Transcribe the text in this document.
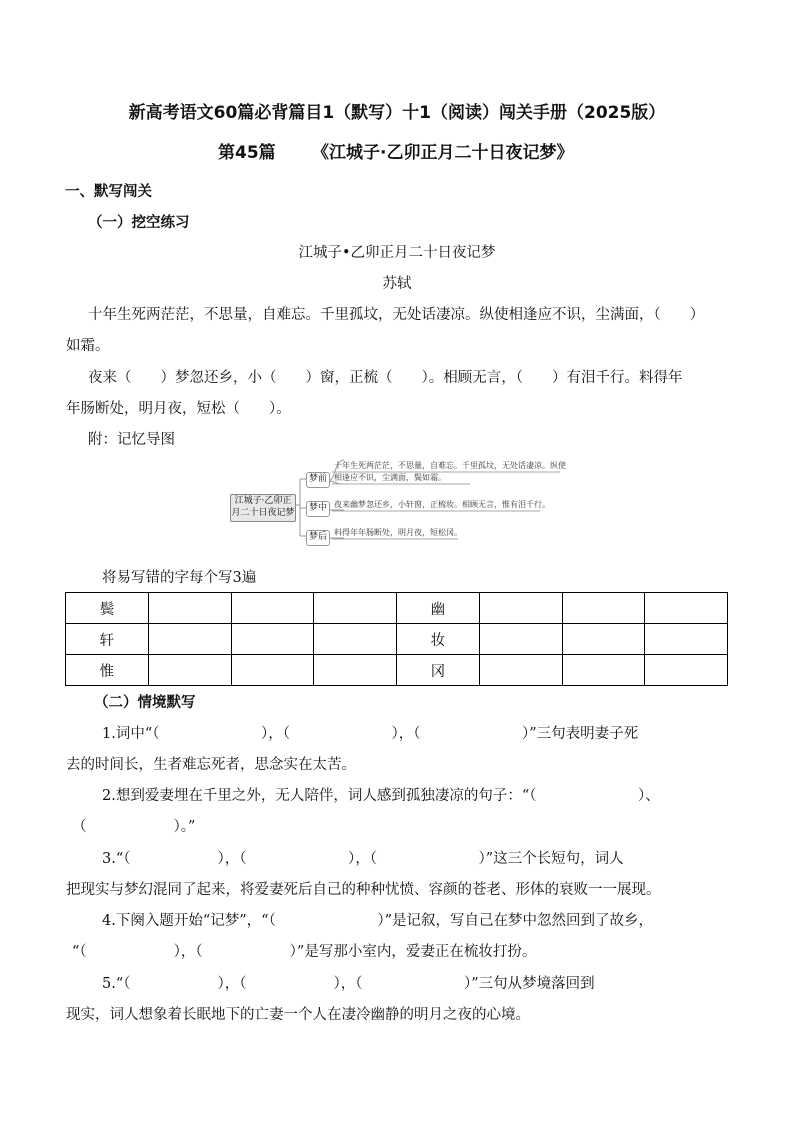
新高考语文60篇必背篇目1（默写）十1（阅读）闯关手册（2025版）
第45篇 《江城子·乙卯正月二十日夜记梦》
一、默写闯关
（一）挖空练习
江城子•乙卯正月二十日夜记梦
苏轼
十年生死两茫茫，不思量，自难忘。千里孤坟，无处话凄凉。纵使相逢应不识，尘满面，（　　）
如霜。
夜来（　　）梦忽还乡，小（　　）窗，正梳（　　）。相顾无言，（　　）有泪千行。料得年
年肠断处，明月夜，短松（　　）。
附：记忆导图
江城子·乙卯正
月二十日夜记梦
梦前
梦中
梦后
十年生死两茫茫，不思量，自难忘。千里孤坟，无处话凄凉。纵使
相逢应不识，尘满面，鬓如霜。
夜来幽梦忽还乡，小轩窗，正梳妆。相顾无言，惟有泪千行。
料得年年肠断处，明月夜，短松冈。
将易写错的字每个写3遍
鬓				幽			
轩				妆			
惟				冈			
（二）情境默写
1.词中“（　　　　　　　），（　　　　　　　），（　　　　　　　）”三句表明妻子死
去的时间长，生者难忘死者，思念实在太苦。
2.想到爱妻埋在千里之外，无人陪伴，词人感到孤独凄凉的句子：“（　　　　　　　）、
（　　　　　　）。”
3.“（　　　　　　），（　　　　　　　），（　　　　　　　）”这三个长短句，词人
把现实与梦幻混同了起来，将爱妻死后自己的种种忧愤、容颜的苍老、形体的衰败一一展现。
4.下阕入题开始“记梦”，“（　　　　　　　）”是记叙，写自己在梦中忽然回到了故乡，
“（　　　　　　），（　　　　　　）”是写那小室内，爱妻正在梳妆打扮。
5.“（　　　　　　），（　　　　　　），（　　　　　　　）”三句从梦境落回到
现实，词人想象着长眠地下的亡妻一个人在凄冷幽静的明月之夜的心境。
